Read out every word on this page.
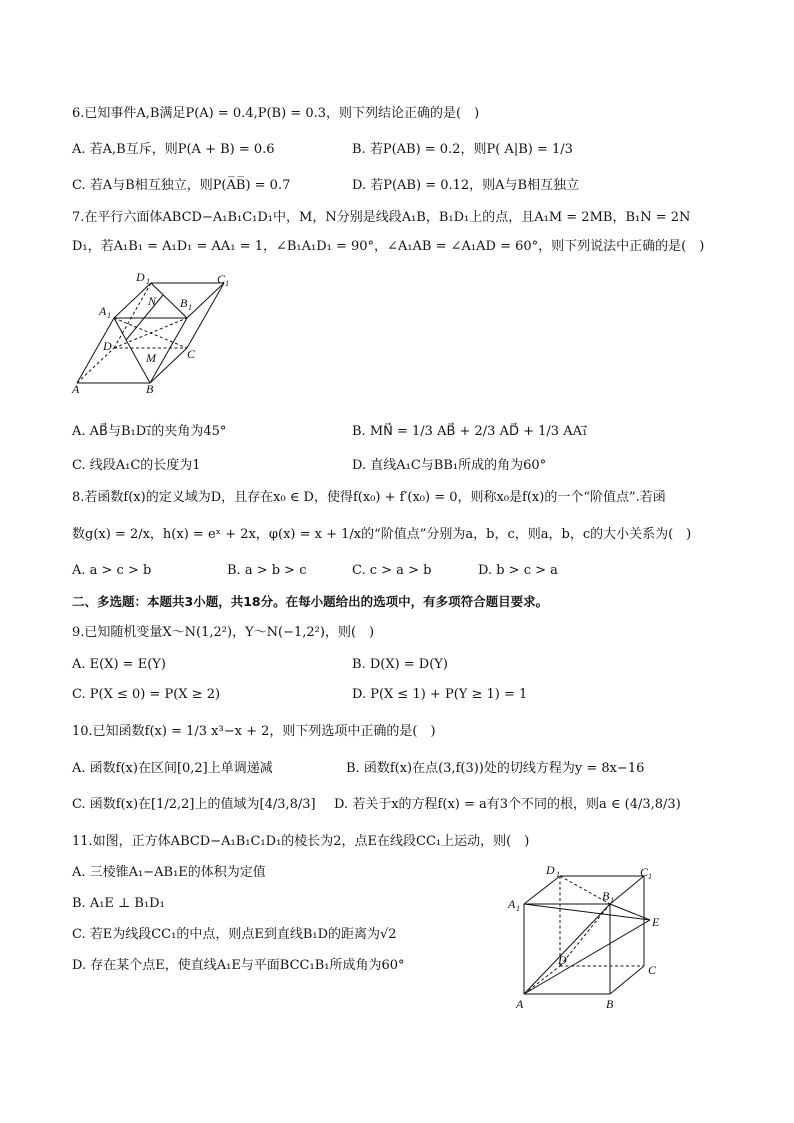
6.已知事件A,B满足P(A) = 0.4,P(B) = 0.3，则下列结论正确的是(　)
A. 若A,B互斥，则P(A + B) = 0.6	B. 若P(AB) = 0.2，则P( A|B) = 1/3
C. 若A与B相互独立，则P(A̅B̅) = 0.7	D. 若P(AB) = 0.12，则A与B相互独立
7.在平行六面体ABCD−A₁B₁C₁D₁中，M，N分别是线段A₁B，B₁D₁上的点，且A₁M = 2MB，B₁N = 2N
D₁，若A₁B₁ = A₁D₁ = AA₁ = 1，∠B₁A₁D₁ = 90°，∠A₁AB = ∠A₁AD = 60°，则下列说法中正确的是(　)
D 1	C 1
A 1
N B 1
D
M	C
A	B
A. AB⃗与B₁D₁⃗的夹角为45°	B. MN⃗ = 1/3 AB⃗ + 2/3 AD⃗ + 1/3 AA₁⃗
C. 线段A₁C的长度为1	D. 直线A₁C与BB₁所成的角为60°
8.若函数f(x)的定义域为D，且存在x₀ ∈ D，使得f(x₀) + f′(x₀) = 0，则称x₀是f(x)的一个“阶值点”.若函
数g(x) = 2/x，h(x) = eˣ + 2x，φ(x) = x + 1/x的“阶值点”分别为a，b，c，则a，b，c的大小关系为(　)
A. a > c > b	B. a > b > c	C. c > a > b	D. b > c > a
二、多选题：本题共3小题，共18分。在每小题给出的选项中，有多项符合题目要求。
9.已知随机变量X～N(1,2²)，Y～N(−1,2²)，则(　)
A. E(X) = E(Y)	B. D(X) = D(Y)
C. P(X ≤ 0) = P(X ≥ 2)	D. P(X ≤ 1) + P(Y ≥ 1) = 1
10.已知函数f(x) = 1/3 x³−x + 2，则下列选项中正确的是(　)
A. 函数f(x)在区间[0,2]上单调递减	B. 函数f(x)在点(3,f(3))处的切线方程为y = 8x−16
C. 函数f(x)在[1/2,2]上的值域为[4/3,8/3] D. 若关于x的方程f(x) = a有3个不同的根，则a ∈ (4/3,8/3)
11.如图，正方体ABCD−A₁B₁C₁D₁的棱长为2，点E在线段CC₁上运动，则(　)
A. 三棱锥A₁−AB₁E的体积为定值
B. A₁E ⊥ B₁D₁
C. 若E为线段CC₁的中点，则点E到直线B₁D的距离为√2
D. 存在某个点E，使直线A₁E与平面BCC₁B₁所成角为60°
D 1	C 1
B 1
A 1
E
D
C
A	B
